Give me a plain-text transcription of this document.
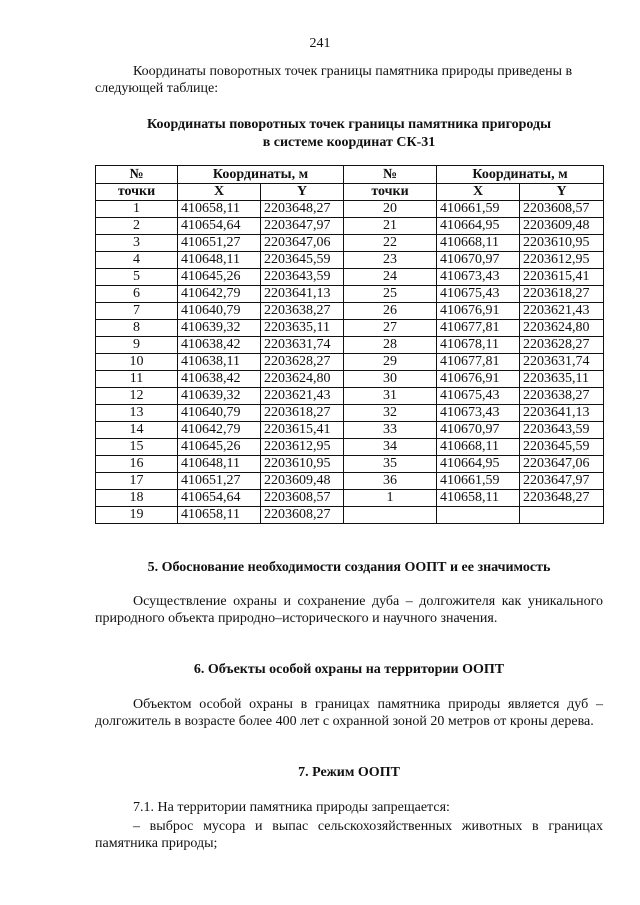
241

Координаты поворотных точек границы памятника природы приведены в следующей таблице:

Координаты поворотных точек границы памятника пригороды
в системе координат СК-31
№	Координаты, м		№	Координаты, м	
точки	X	Y	точки	X	Y
1	410658,11	2203648,27	20	410661,59	2203608,57
2	410654,64	2203647,97	21	410664,95	2203609,48
3	410651,27	2203647,06	22	410668,11	2203610,95
4	410648,11	2203645,59	23	410670,97	2203612,95
5	410645,26	2203643,59	24	410673,43	2203615,41
6	410642,79	2203641,13	25	410675,43	2203618,27
7	410640,79	2203638,27	26	410676,91	2203621,43
8	410639,32	2203635,11	27	410677,81	2203624,80
9	410638,42	2203631,74	28	410678,11	2203628,27
10	410638,11	2203628,27	29	410677,81	2203631,74
11	410638,42	2203624,80	30	410676,91	2203635,11
12	410639,32	2203621,43	31	410675,43	2203638,27
13	410640,79	2203618,27	32	410673,43	2203641,13
14	410642,79	2203615,41	33	410670,97	2203643,59
15	410645,26	2203612,95	34	410668,11	2203645,59
16	410648,11	2203610,95	35	410664,95	2203647,06
17	410651,27	2203609,48	36	410661,59	2203647,97
18	410654,64	2203608,57	1	410658,11	2203648,27
19	410658,11	2203608,27			
5. Обоснование необходимости создания ООПТ и ее значимость

Осуществление охраны и сохранение дуба – долгожителя как уникального природного объекта природно–исторического и научного значения.

6. Объекты особой охраны на территории ООПТ

Объектом особой охраны в границах памятника природы является дуб – долгожитель в возрасте более 400 лет с охранной зоной 20 метров от кроны дерева.

7. Режим ООПТ

7.1. На территории памятника природы запрещается:

– выброс мусора и выпас сельскохозяйственных животных в границах памятника природы;
